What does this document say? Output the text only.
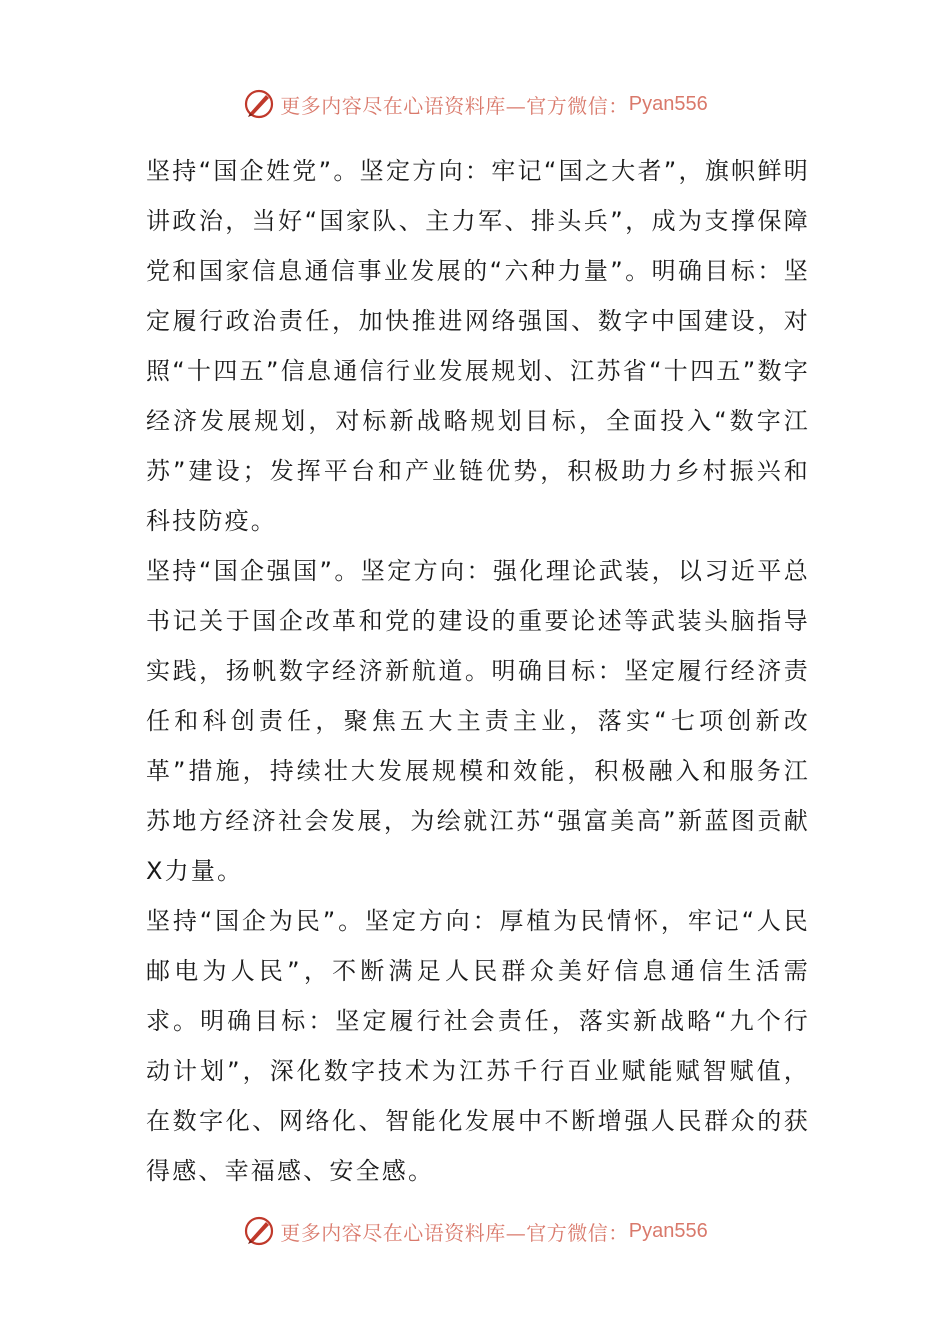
更多内容尽在心语资料库—官方微信： Pyan556

坚持“国企姓党”。坚定方向：牢记“国之大者”，旗帜鲜明讲政治，当好“国家队、主力军、排头兵”，成为支撑保障党和国家信息通信事业发展的“六种力量”。明确目标：坚定履行政治责任，加快推进网络强国、数字中国建设，对照“十四五”信息通信行业发展规划、江苏省“十四五”数字经济发展规划，对标新战略规划目标，全面投入“数字江苏”建设；发挥平台和产业链优势，积极助力乡村振兴和科技防疫。

坚持“国企强国”。坚定方向：强化理论武装，以习近平总书记关于国企改革和党的建设的重要论述等武装头脑指导实践，扬帆数字经济新航道。明确目标：坚定履行经济责任和科创责任，聚焦五大主责主业，落实“七项创新改革”措施，持续壮大发展规模和效能，积极融入和服务江苏地方经济社会发展，为绘就江苏“强富美高”新蓝图贡献X力量。

坚持“国企为民”。坚定方向：厚植为民情怀，牢记“人民邮电为人民”，不断满足人民群众美好信息通信生活需求。明确目标：坚定履行社会责任，落实新战略“九个行动计划”，深化数字技术为江苏千行百业赋能赋智赋值，在数字化、网络化、智能化发展中不断增强人民群众的获得感、幸福感、安全感。

更多内容尽在心语资料库—官方微信： Pyan556
